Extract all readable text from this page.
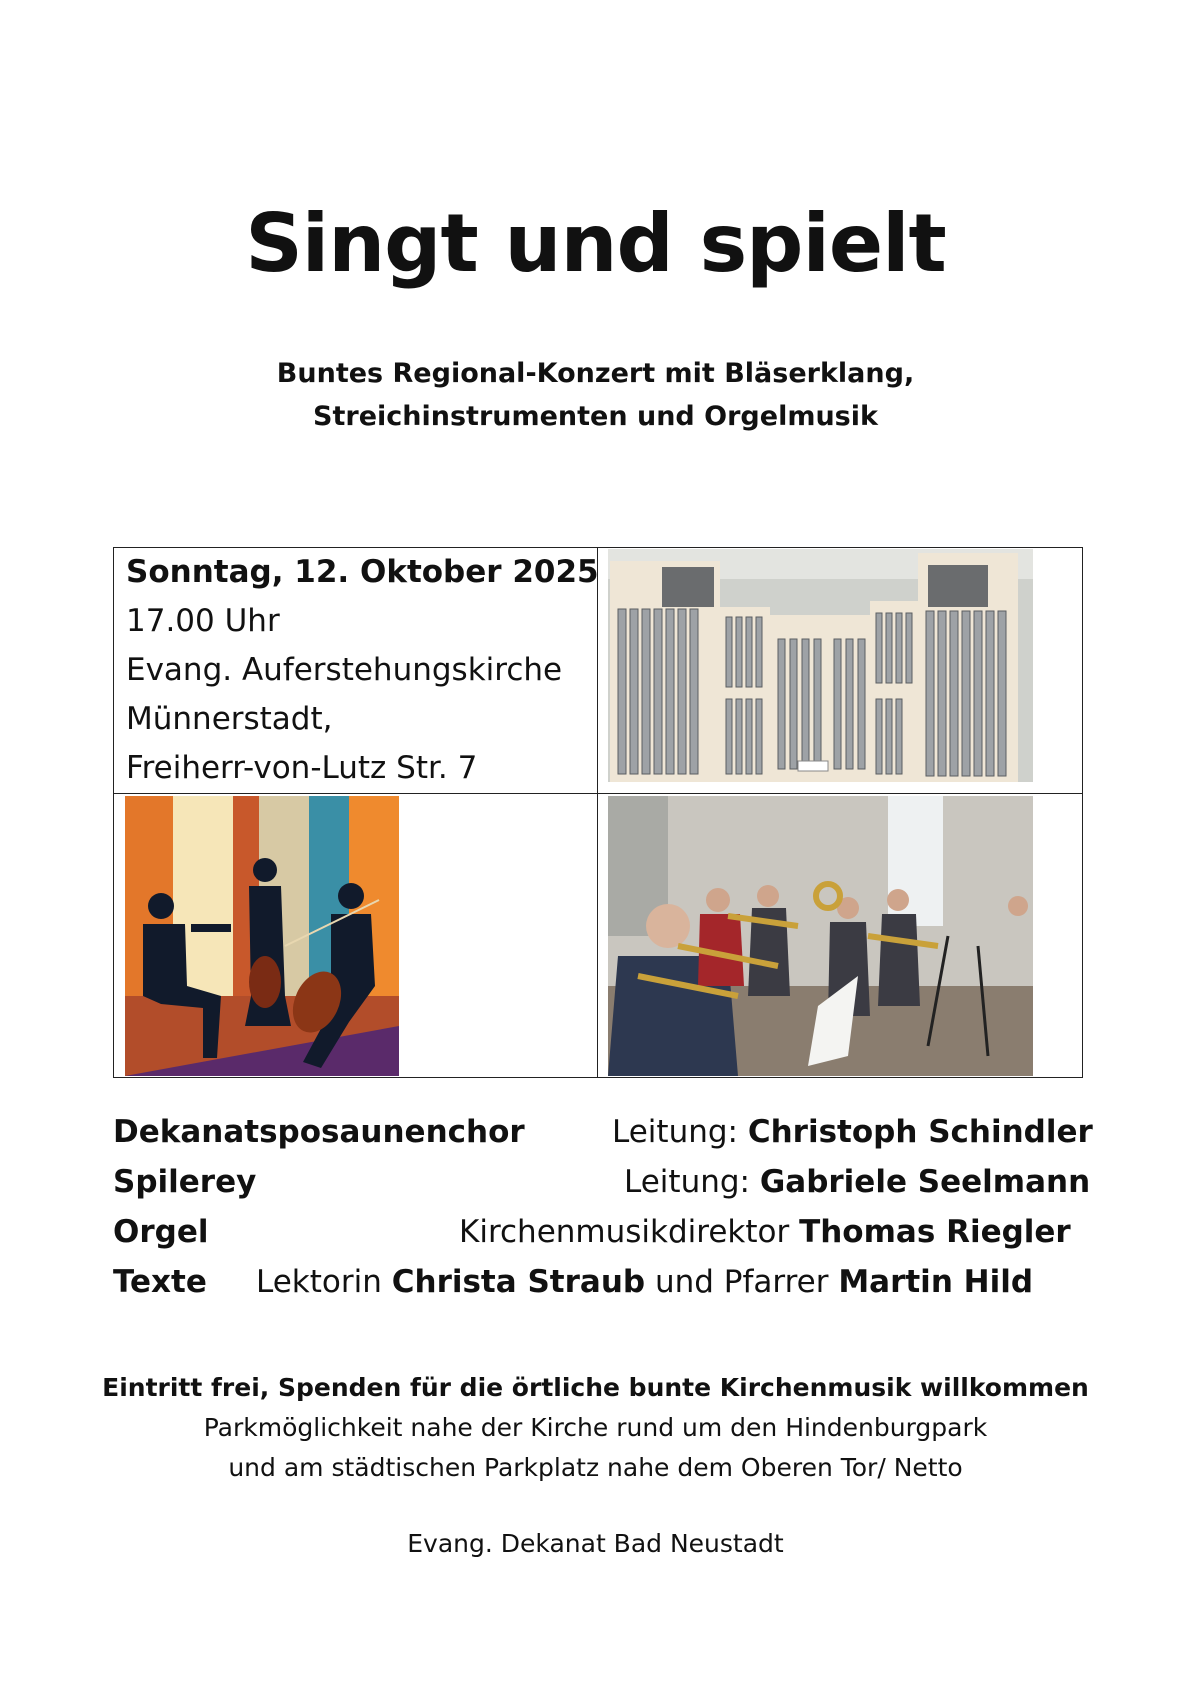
Singt und spielt
Buntes Regional-Konzert mit Bläserklang,
Streichinstrumenten und Orgelmusik
Sonntag, 12. Oktober 2025
17.00 Uhr
Evang. Auferstehungskirche
Münnerstadt,
Freiherr-von-Lutz Str. 7
Dekanatsposaunenchor	Leitung: Christoph Schindler
Spilerey	Leitung: Gabriele Seelmann
Orgel	Kirchenmusikdirektor Thomas Riegler
Texte Lektorin Christa Straub und Pfarrer Martin Hild
Eintritt frei, Spenden für die örtliche bunte Kirchenmusik willkommen
Parkmöglichkeit nahe der Kirche rund um den Hindenburgpark
und am städtischen Parkplatz nahe dem Oberen Tor/ Netto
Evang. Dekanat Bad Neustadt
